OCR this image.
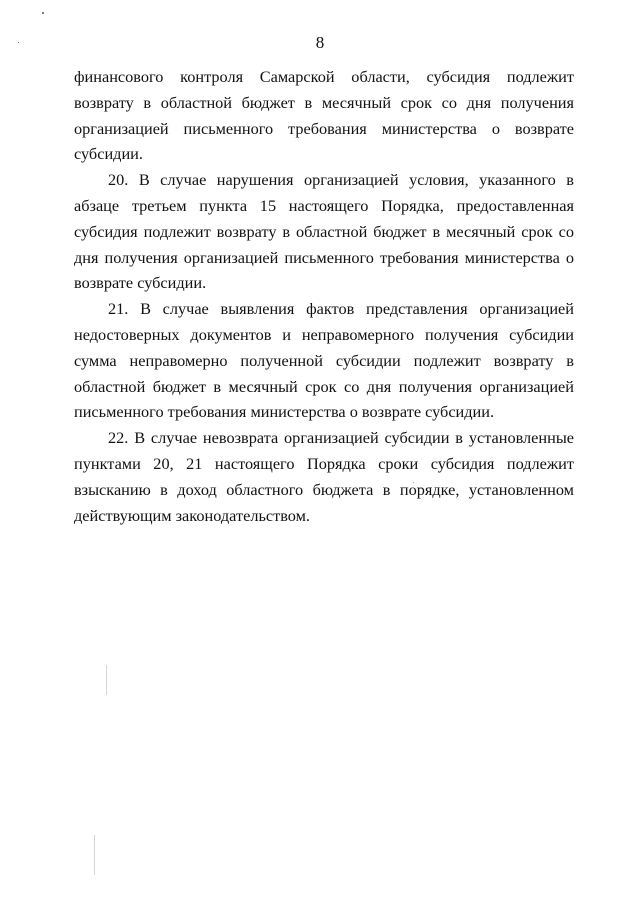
8

финансового контроля Самарской области, субсидия подлежит возврату в областной бюджет в месячный срок со дня получения организацией письменного требования министерства о возврате субсидии.

20. В случае нарушения организацией условия, указанного в абзаце третьем пункта 15 настоящего Порядка, предоставленная субсидия подлежит возврату в областной бюджет в месячный срок со дня получения организацией письменного требования министерства о возврате субсидии.

21. В случае выявления фактов представления организацией недостоверных документов и неправомерного получения субсидии сумма неправомерно полученной субсидии подлежит возврату в областной бюджет в месячный срок со дня получения организацией письменного требования министерства о возврате субсидии.

22. В случае невозврата организацией субсидии в установленные пунктами 20, 21 настоящего Порядка сроки субсидия подлежит взысканию в доход областного бюджета в порядке, установленном действующим законодательством.
